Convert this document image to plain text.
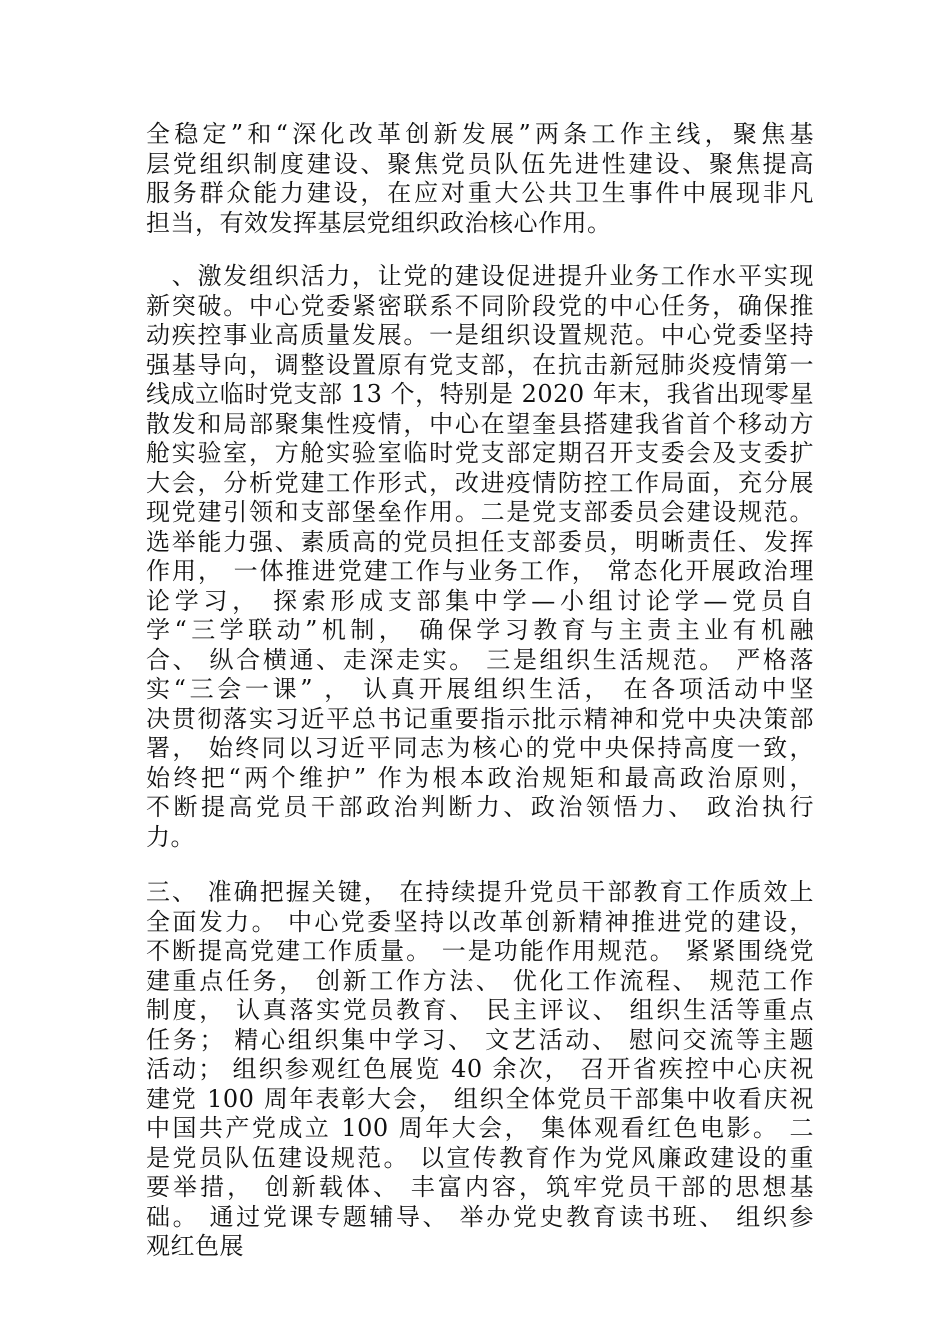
全稳定”和“深化改革创新发展”两条工作主线，聚焦基
层党组织制度建设、聚焦党员队伍先进性建设、聚焦提高
服务群众能力建设，在应对重大公共卫生事件中展现非凡
担当，有效发挥基层党组织政治核心作用。

　、激发组织活力，让党的建设促进提升业务工作水平实现
新突破。中心党委紧密联系不同阶段党的中心任务，确保推
动疾控事业高质量发展。一是组织设置规范。中心党委坚持
强基导向，调整设置原有党支部，在抗击新冠肺炎疫情第一
线成立临时党支部 13 个，特别是 2020 年末，我省出现零星
散发和局部聚集性疫情，中心在望奎县搭建我省首个移动方
舱实验室，方舱实验室临时党支部定期召开支委会及支委扩
大会，分析党建工作形式，改进疫情防控工作局面，充分展
现党建引领和支部堡垒作用。二是党支部委员会建设规范。
选举能力强、素质高的党员担任支部委员，明晰责任、发挥
作用， 一体推进党建工作与业务工作， 常态化开展政治理
论学习， 探索形成支部集中学—小组讨论学—党员自
学“三学联动”机制， 确保学习教育与主责主业有机融
合、 纵合横通、走深走实。 三是组织生活规范。 严格落
实“三会一课” ， 认真开展组织生活， 在各项活动中坚
决贯彻落实习近平总书记重要指示批示精神和党中央决策部
署， 始终同以习近平同志为核心的党中央保持高度一致，
始终把“两个维护” 作为根本政治规矩和最高政治原则，
不断提高党员干部政治判断力、政治领悟力、 政治执行
力。

三、 准确把握关键， 在持续提升党员干部教育工作质效上
全面发力。 中心党委坚持以改革创新精神推进党的建设，
不断提高党建工作质量。 一是功能作用规范。 紧紧围绕党
建重点任务， 创新工作方法、 优化工作流程、 规范工作
制度， 认真落实党员教育、 民主评议、 组织生活等重点
任务； 精心组织集中学习、 文艺活动、 慰问交流等主题
活动； 组织参观红色展览 40 余次， 召开省疾控中心庆祝
建党 100 周年表彰大会， 组织全体党员干部集中收看庆祝
中国共产党成立 100 周年大会， 集体观看红色电影。 二
是党员队伍建设规范。 以宣传教育作为党风廉政建设的重
要举措， 创新载体、 丰富内容，筑牢党员干部的思想基
础。 通过党课专题辅导、 举办党史教育读书班、 组织参
观红色展
